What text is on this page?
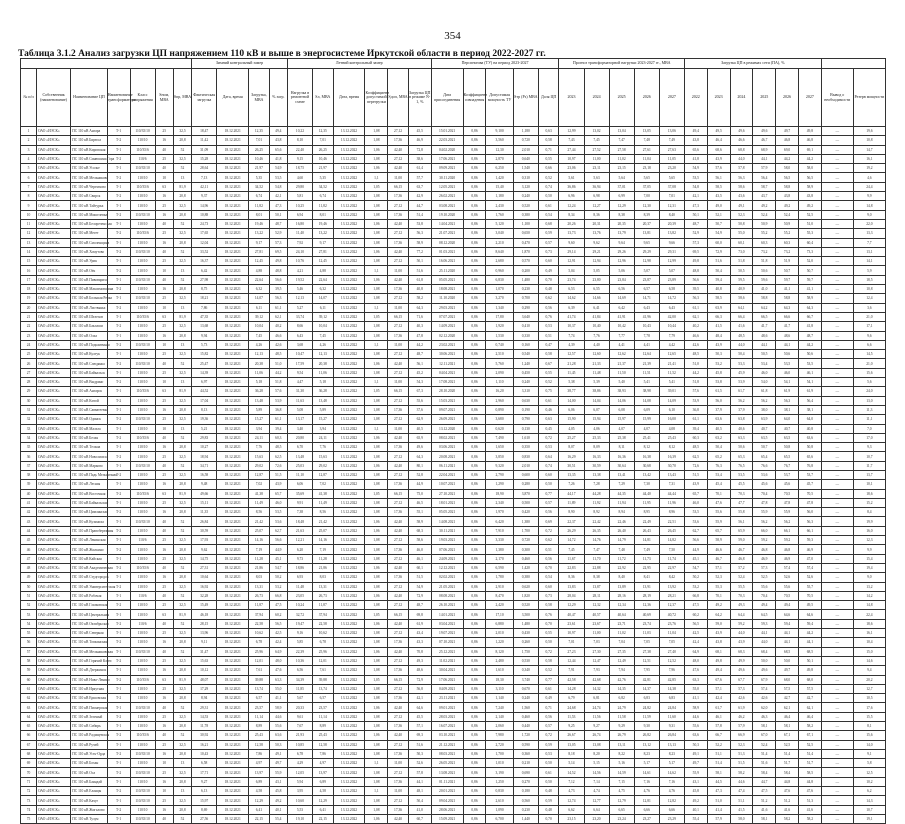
354
Таблица 3.1.2 Анализ загрузки ЦП напряжением 110 кВ и выше в энергосистеме Иркутской области в период 2022-2027 гг.
							Зимний контрольный замер				Летний контрольный замер						Перспектива (ТУ) на период 2023-2027					Прогноз трансформаторной нагрузки 2023-2027 гг., МВА					Загрузка ЦП в режимах сети (ПА), %							
№ п/п	Собственник (наименование)	Наименование ЦП	Наименование трансформатора	Класс напряжения	Sном, МВА	Sпр, МВА	Фактическая загрузка	Дата, время	Загрузка, МВА	% загр.	Нагрузка в ремонтной схеме	Sл, МВА	Дата, время	Коэффициент допустимой перегрузки	Sдоп, МВА	Загрузка ЦП в режиме N-1, %	Дата присоединения	Коэффициент совпадения	Допустимая мощность ТУ	Sтр (Ps) МВА	Доля ЦП	2023	2024	2025	2026	2027	2022	2023	2024	2025	2026	2027	Вывод о необходимости	Резерв мощности
1	ОАО «ИЭСК»	ПС 110 кВ Ангара	Т-1	110/35/10	25	32,5	18,47	18.12.2021	12,35	49,4	10,22	12,35	13.12.2022	1,08	27,12	45,5	15.01.2021	0,86	9,100	1,180	0,63	12,99	13,02	13,04	13,05	13,06	49,4	49,5	49,6	49,6	49,7	49,8	—	19,6
2	ОАО «ИЭСК»	ПС 110 кВ Бирюса	Т-2	110/10	16	20,8	11,42	18.12.2021	7,01	43,8	8,10	7,01	13.12.2022	1,08	17,36	46,9	22.03.2021	0,86	3,560	0,720	0,58	7,43	7,45	7,47	7,48	7,49	43,8	46,4	46,6	46,7	46,8	46,8	—	10,8
3	ОАО «ИЭСК»	ПС 110 кВ Кировская	Т-1	110/35/6	40	52	31,09	18.12.2021	26,25	65,6	22,40	26,25	13.12.2022	1,06	42,40	72,8	04.02.2020	0,86	12,30	2,010	0,71	27,44	27,52	27,58	27,61	27,63	65,6	68,6	68,8	68,9	69,0	69,1	—	14,7
4	ОАО «ИЭСК»	ПС 110 кВ Синюшина Гора	Т-2	110/6	25	32,5	15,28	18.12.2021	10,46	41,8	9,15	10,46	13.12.2022	1,08	27,12	38,6	17.06.2021	0,86	2,870	0,640	0,55	10,97	11,00	11,02	11,04	11,05	41,8	43,9	44,0	44,1	44,2	44,2	—	16,1
5	ОАО «ИЭСК»	ПС 110 кВ Усолье	Т-1	110/35/10	40	52	28,64	18.12.2021	21,97	54,9	18,75	21,97	13.12.2022	1,06	42,40	61,4	09.09.2021	0,86	6,250	1,540	0,66	23,06	23,11	23,15	23,18	23,20	54,9	57,6	57,8	57,9	58,0	58,0	—	19,2
6	ОАО «ИЭСК»	ПС 110 кВ Мельниково	Т-2	110/10	10	13	7,13	18.12.2021	5,35	53,5	4,60	5,35	13.12.2022	1,1	11,00	57,7	30.11.2020	0,86	1,420	0,310	0,52	5,61	5,63	5,64	5,65	5,65	53,5	56,1	56,3	56,4	56,5	56,5	—	4,6
7	ОАО «ИЭСК»	ПС 110 кВ Черемхово	Т-1	110/35/6	63	81,9	42,11	18.12.2021	34,52	54,8	29,80	34,52	13.12.2022	1,05	66,15	63,7	12.05.2021	0,86	15,40	3,120	0,74	36,86	36,94	37,01	37,05	37,08	54,8	58,5	58,6	58,7	58,8	58,9	—	24,4
8	ОАО «ИЭСК»	ПС 110 кВ Свирск	Т-2	110/10	16	20,8	9,37	18.12.2021	6,74	42,1	5,81	6,74	13.12.2022	1,08	17,36	42,9	26.02.2021	0,86	1,180	0,240	0,50	6,96	6,98	6,99	7,00	7,01	42,1	43,5	43,6	43,7	43,8	43,8	—	9,9
9	ОАО «ИЭСК»	ПС 110 кВ Тайтурка	Т-1	110/10	25	32,5	14,96	18.12.2021	11,82	47,3	10,25	11,82	13.12.2022	1,08	27,12	44,7	03.08.2021	0,86	2,430	0,520	0,61	12,24	12,27	12,29	12,30	12,31	47,3	49,0	49,1	49,2	49,2	49,2	—	14,8
10	ОАО «ИЭСК»	ПС 110 кВ Мишелевка	Т-2	110/35/10	16	20,8	10,88	18.12.2021	8,01	50,1	6,94	8,01	13.12.2022	1,08	17,36	51,4	19.10.2020	0,86	1,760	0,380	0,54	8,34	8,36	8,38	8,39	8,40	50,1	52,1	52,3	52,4	52,4	52,5	—	9,0
11	ОАО «ИЭСК»	ПС 110 кВ Белореченская	Т-1	110/10	40	52	24,73	18.12.2021	19,46	48,7	16,80	19,46	13.12.2022	1,06	42,40	53,8	14.04.2021	0,86	5,120	1,100	0,68	20,26	20,31	20,35	20,37	20,39	48,7	50,7	50,8	50,9	50,9	51,0	—	22,0
12	ОАО «ИЭСК»	ПС 110 кВ Мегет	Т-2	110/35/6	25	32,5	17,65	18.12.2021	13,22	52,9	11,40	13,22	13.12.2022	1,08	27,12	56,3	21.07.2021	0,86	3,040	0,650	0,59	13,73	13,76	13,79	13,81	13,82	52,9	54,9	55,0	55,2	55,2	55,3	—	13,3
13	ОАО «ИЭСК»	ПС 110 кВ Смоленщина	Т-1	110/10	16	20,8	12,04	18.12.2021	9,17	57,3	7,92	9,17	13.12.2022	1,08	17,36	58,9	08.12.2020	0,86	2,210	0,470	0,57	9,60	9,62	9,64	9,65	9,66	57,3	60,0	60,1	60,3	60,3	60,4	—	7,7
14	ОАО «ИЭСК»	ПС 110 кВ Хомутово	Т-2	110/35/10	40	52	33,52	18.12.2021	27,81	69,5	24,10	27,81	13.12.2022	1,06	42,40	77,2	01.03.2021	0,86	8,640	1,870	0,73	29,14	29,21	29,26	29,29	29,31	69,5	72,9	73,0	73,2	73,2	73,3	—	13,1
15	ОАО «ИЭСК»	ПС 110 кВ Урик	Т-1	110/10	25	32,5	16,37	18.12.2021	12,45	49,8	10,76	12,45	13.12.2022	1,08	27,12	50,1	16.06.2021	0,86	2,680	0,570	0,60	12,91	12,94	12,96	12,98	12,99	49,8	51,6	51,8	51,8	51,9	52,0	—	14,1
16	ОАО «ИЭСК»	ПС 110 кВ Оёк	Т-2	110/10	10	13	6,42	18.12.2021	4,88	48,8	4,21	4,88	13.12.2022	1,1	11,00	51,6	25.11.2020	0,86	0,960	0,200	0,49	5,04	5,05	5,06	5,07	5,07	48,8	50,4	50,5	50,6	50,7	50,7	—	5,9
17	ОАО «ИЭСК»	ПС 110 кВ Пивовариха	Т-1	110/35/10	40	52	27,98	18.12.2021	22,64	56,6	19,52	22,64	13.12.2022	1,06	42,40	61,8	05.05.2021	0,86	6,830	1,480	0,70	23,74	23,80	23,84	23,87	23,89	56,6	59,4	59,5	59,6	59,7	59,7	—	18,5
18	ОАО «ИЭСК»	ПС 110 кВ Максимовщина	Т-2	110/10	16	20,8	8,75	18.12.2021	6,32	39,5	5,46	6,32	13.12.2022	1,08	17,36	40,8	18.08.2021	0,86	1,070	0,230	0,48	6,53	6,55	6,56	6,57	6,58	39,5	40,8	40,9	41,0	41,1	41,1	—	10,8
19	ОАО «ИЭСК»	ПС 110 кВ Большая Речка	Т-1	110/35/10	25	32,5	18,21	18.12.2021	14,07	56,3	12,13	14,07	13.12.2022	1,08	27,12	58,2	11.10.2020	0,86	3,270	0,700	0,62	14,62	14,66	14,69	14,71	14,72	56,3	58,5	58,6	58,8	58,8	58,9	—	12,4
20	ОАО «ИЭСК»	ПС 110 кВ Листвянка	Т-2	110/10	10	13	7,86	18.12.2021	6,11	61,1	5,27	6,11	13.12.2022	1,1	11,00	64,3	29.03.2021	0,86	1,340	0,290	0,56	6,39	6,41	6,42	6,43	6,43	61,1	63,9	64,1	64,2	64,3	64,3	—	3,6
21	ОАО «ИЭСК»	ПС 110 кВ Шелехов	Т-1	110/35/6	63	81,9	47,35	18.12.2021	39,12	62,1	33,74	39,12	13.12.2022	1,05	66,15	71,6	07.07.2021	0,86	17,80	3,640	0,76	41,74	41,84	41,91	41,96	42,00	62,1	66,3	66,4	66,5	66,6	66,7	—	21,0
22	ОАО «ИЭСК»	ПС 110 кВ Баклаши	Т-2	110/10	25	32,5	13,68	18.12.2021	10,04	40,2	8,66	10,04	13.12.2022	1,08	27,12	40,3	14.09.2021	0,86	1,920	0,410	0,53	10,37	10,40	10,42	10,43	10,44	40,2	41,5	41,6	41,7	41,7	41,8	—	17,1
23	ОАО «ИЭСК»	ПС 110 кВ Олха	Т-1	110/10	16	20,8	9,94	18.12.2021	7,45	46,6	6,43	7,45	13.12.2022	1,08	17,36	47,8	02.12.2020	0,86	1,530	0,330	0,51	7,74	7,76	7,77	7,78	7,79	46,6	48,4	48,5	48,6	48,6	48,7	—	9,6
24	ОАО «ИЭСК»	ПС 110 кВ Подкаменная	Т-2	110/35/10	10	13	5,73	18.12.2021	4,26	42,6	3,68	4,26	13.12.2022	1,1	11,00	44,2	23.02.2021	0,86	0,740	0,160	0,47	4,39	4,40	4,41	4,41	4,42	42,6	43,9	44,0	44,1	44,1	44,2	—	6,6
25	ОАО «ИЭСК»	ПС 110 кВ Култук	Т-1	110/10	25	32,5	15,82	18.12.2021	12,13	48,5	10,47	12,13	13.12.2022	1,08	27,12	48,7	30.06.2021	0,86	2,510	0,540	0,58	12,57	12,60	12,62	12,64	12,65	48,5	50,3	50,4	50,5	50,6	50,6	—	14,5
26	ОАО «ИЭСК»	ПС 110 кВ Слюдянка	Т-2	110/35/10	40	52	25,47	18.12.2021	20,38	51,0	17,59	20,38	13.12.2022	1,06	42,40	56,1	12.11.2021	0,86	5,760	1,240	0,67	21,28	21,33	21,37	21,39	21,41	51,0	53,2	53,3	53,4	53,5	53,5	—	21,0
27	ОАО «ИЭСК»	ПС 110 кВ Байкальск	Т-1	110/10	25	32,5	14,39	18.12.2021	11,06	44,2	9,54	11,06	13.12.2022	1,08	27,12	45,2	04.04.2021	0,86	2,090	0,450	0,55	11,45	11,48	11,50	11,51	11,52	44,2	45,8	45,9	46,0	46,0	46,1	—	15,6
28	ОАО «ИЭСК»	ПС 110 кВ Выдрино	Т-2	110/10	10	13	6,97	18.12.2021	5,18	51,8	4,47	5,18	13.12.2022	1,1	11,00	54,3	17.08.2021	0,86	1,110	0,240	0,52	5,38	5,39	5,40	5,41	5,41	51,8	53,8	53,9	54,0	54,1	54,1	—	5,6
29	ОАО «ИЭСК»	ПС 110 кВ Ангарск	Т-1	110/35/6	63	81,9	44,52	18.12.2021	36,28	57,6	31,30	36,28	13.12.2022	1,05	66,15	67,3	28.10.2020	0,86	16,20	3,310	0,75	38,77	38,86	38,93	38,98	39,01	57,6	61,5	61,7	61,8	61,9	61,9	—	24,0
30	ОАО «ИЭСК»	ПС 110 кВ Китой	Т-2	110/10	25	32,5	17,04	18.12.2021	13,48	53,9	11,63	13,48	13.12.2022	1,08	27,12	55,6	15.03.2021	0,86	2,960	0,630	0,61	14,00	14,04	14,06	14,08	14,09	53,9	56,0	56,2	56,2	56,3	56,4	—	13,0
31	ОАО «ИЭСК»	ПС 110 кВ Савватеевка	Т-1	110/10	16	20,8	8,13	18.12.2021	5,89	36,8	5,08	5,89	13.12.2022	1,08	17,36	37,6	09.07.2021	0,86	0,890	0,190	0,46	6,06	6,07	6,08	6,09	6,10	36,8	37,9	37,9	38,0	38,1	38,1	—	11,3
32	ОАО «ИЭСК»	ПС 110 кВ Одинск	Т-2	110/35/10	25	32,5	19,36	18.12.2021	15,27	61,1	13,17	15,27	13.12.2022	1,08	27,12	62,9	26.09.2021	0,86	3,680	0,790	0,63	15,90	15,94	15,97	15,99	16,00	61,1	63,6	63,8	63,9	64,0	64,0	—	11,1
33	ОАО «ИЭСК»	ПС 110 кВ Мальта	Т-1	110/10	10	13	5,21	18.12.2021	3,94	39,4	3,40	3,94	13.12.2022	1,1	11,00	40,5	13.12.2020	0,86	0,620	0,130	0,45	4,05	4,06	4,07	4,07	4,08	39,4	40,5	40,6	40,7	40,7	40,8	—	7,0
34	ОАО «ИЭСК»	ПС 110 кВ Белая	Т-2	110/35/6	40	52	29,83	18.12.2021	24,11	60,3	20,80	24,11	13.12.2022	1,06	42,40	65,9	08.02.2021	0,86	7,490	1,610	0,72	25,27	25,33	25,38	25,41	25,43	60,3	63,2	63,3	63,5	63,5	63,6	—	17,0
35	ОАО «ИЭСК»	ПС 110 кВ Тельма	Т-1	110/10	16	20,8	10,27	18.12.2021	7,76	48,5	6,70	7,76	13.12.2022	1,08	17,36	49,6	03.06.2021	0,86	1,650	0,350	0,53	8,07	8,09	8,11	8,12	8,12	48,5	50,4	50,6	50,7	50,8	50,8	—	9,3
36	ОАО «ИЭСК»	ПС 110 кВ Новолисиха	Т-2	110/10	25	32,5	18,94	18.12.2021	15,63	62,5	13,48	15,63	13.12.2022	1,08	27,12	64,3	20.08.2021	0,86	3,850	0,830	0,64	16,29	16,33	16,36	16,38	16,39	62,5	65,2	65,3	65,4	65,5	65,6	—	10,7
37	ОАО «ИЭСК»	ПС 110 кВ Марково	Т-1	110/35/10	40	52	34,71	18.12.2021	29,02	72,6	25,03	29,02	13.12.2022	1,06	42,40	80,1	06.11.2021	0,86	9,320	2,010	0,74	30,51	30,59	30,64	30,68	30,70	72,6	76,3	76,5	76,6	76,7	76,8	—	11,7
38	ОАО «ИЭСК»	ПС 110 кВ Падь Мельничная	Т-2	110/10	25	32,5	16,58	18.12.2021	12,87	51,5	11,10	12,87	13.12.2022	1,08	27,12	52,8	22.04.2021	0,86	2,790	0,600	0,60	13,35	13,38	13,41	13,42	13,43	51,5	53,4	53,5	53,6	53,7	53,7	—	13,7
39	ОАО «ИЭСК»	ПС 110 кВ Лесная	Т-1	110/10	16	20,8	9,48	18.12.2021	7,02	43,9	6,06	7,02	13.12.2022	1,08	17,36	44,9	10.07.2021	0,86	1,290	0,280	0,50	7,26	7,28	7,29	7,30	7,31	43,9	45,4	45,5	45,6	45,6	45,7	—	10,1
40	ОАО «ИЭСК»	ПС 110 кВ Восточная	Т-2	110/35/6	63	81,9	49,66	18.12.2021	41,38	65,7	35,69	41,38	13.12.2022	1,05	66,15	75,0	27.10.2021	0,86	18,90	3,870	0,77	44,17	44,28	44,35	44,40	44,44	65,7	70,1	70,3	70,4	70,5	70,5	—	18,6
41	ОАО «ИЭСК»	ПС 110 кВ Байкальская	Т-1	110/10	25	32,5	15,11	18.12.2021	11,49	46,0	9,91	11,49	13.12.2022	1,08	27,12	46,5	18.01.2021	0,86	2,340	0,500	0,57	11,89	11,92	11,94	11,95	11,96	46,0	47,6	47,7	47,8	47,8	47,8	—	15,2
42	ОАО «ИЭСК»	ПС 110 кВ Цимлянская	Т-2	110/10	16	20,8	11,35	18.12.2021	8,56	53,5	7,38	8,56	13.12.2022	1,08	17,36	55,1	05.05.2021	0,86	1,970	0,420	0,56	8,90	8,92	8,94	8,95	8,96	53,5	55,6	55,8	55,9	55,9	56,0	—	8,4
43	ОАО «ИЭСК»	ПС 110 кВ Кузьмиха	Т-1	110/35/10	40	52	26,84	18.12.2021	21,42	53,6	18,48	21,42	13.12.2022	1,06	42,40	58,9	14.08.2021	0,86	6,420	1,380	0,69	22,37	22,42	22,46	22,49	22,51	53,6	55,9	56,1	56,2	56,2	56,3	—	19,9
44	ОАО «ИЭСК»	ПС 110 кВ Правобережная	Т-2	110/10	40	52	30,59	18.12.2021	25,07	62,7	21,63	25,07	13.12.2022	1,06	42,40	68,3	30.11.2021	0,86	7,910	1,700	0,72	26,29	26,35	26,40	26,43	26,45	62,7	65,7	65,9	66,0	66,1	66,1	—	16,0
45	ОАО «ИЭСК»	ПС 110 кВ Ленинская	Т-1	110/6	25	32,5	17,93	18.12.2021	14,16	56,6	12,21	14,16	13.12.2022	1,08	27,12	58,6	19.03.2021	0,86	3,330	0,720	0,62	14,72	14,76	14,79	14,81	14,82	56,6	58,9	59,0	59,2	59,2	59,3	—	12,3
46	ОАО «ИЭСК»	ПС 110 кВ Жилкино	Т-2	110/10	16	20,8	9,62	18.12.2021	7,19	44,9	6,20	7,19	13.12.2022	1,08	17,36	46,0	07.06.2021	0,86	1,380	0,300	0,51	7,45	7,47	7,48	7,49	7,50	44,9	46,6	46,7	46,8	46,8	46,9	—	9,9
47	ОАО «ИЭСК»	ПС 110 кВ Кайская	Т-1	110/10	25	32,5	14,75	18.12.2021	11,28	45,1	9,73	11,28	13.12.2022	1,08	27,12	46,1	24.09.2021	0,86	2,170	0,460	0,56	11,67	11,70	11,72	11,73	11,74	45,1	46,7	46,8	46,9	46,9	47,0	—	15,4
48	ОАО «ИЭСК»	ПС 110 кВ Академическая	Т-2	110/35/6	40	52	27,31	18.12.2021	21,86	54,7	18,86	21,86	13.12.2022	1,06	42,40	60,1	12.12.2021	0,86	6,590	1,420	0,70	22,83	22,88	22,92	22,95	22,97	54,7	57,1	57,2	57,3	57,4	57,4	—	19,4
49	ОАО «ИЭСК»	ПС 110 кВ Студгородок	Т-1	110/10	16	20,8	10,64	18.12.2021	8,03	50,2	6,93	8,03	13.12.2022	1,08	17,36	51,5	02.02.2021	0,86	1,780	0,380	0,54	8,36	8,38	8,40	8,41	8,42	50,2	52,3	52,4	52,5	52,6	52,6	—	9,0
50	ОАО «ИЭСК»	ПС 110 кВ Университетская	Т-2	110/10	25	32,5	16,92	18.12.2021	13,31	53,2	11,48	13,31	13.12.2022	1,08	27,12	54,9	21.05.2021	0,86	2,910	0,620	0,60	13,83	13,87	13,89	13,91	13,92	53,2	55,3	55,5	55,6	55,6	55,7	—	13,2
51	ОАО «ИЭСК»	ПС 110 кВ Рабочая	Т-1	110/6	40	52	32,28	18.12.2021	26,73	66,8	23,05	26,73	13.12.2022	1,06	42,40	72,9	08.08.2021	0,86	8,470	1,820	0,73	28,04	28,11	28,16	28,19	28,21	66,8	70,1	70,3	70,4	70,5	70,5	—	14,2
52	ОАО «ИЭСК»	ПС 110 кВ Глазковская	Т-2	110/10	25	32,5	15,49	18.12.2021	11,87	47,5	10,24	11,87	13.12.2022	1,08	27,12	48,7	26.10.2021	0,86	2,420	0,520	0,58	12,29	12,32	12,34	12,36	12,37	47,5	49,2	49,3	49,4	49,4	49,5	—	14,8
53	ОАО «ИЭСК»	ПС 110 кВ Центральная	Т-1	110/10	63	81,9	46,18	18.12.2021	37,94	60,2	32,72	37,94	13.12.2022	1,05	66,15	69,8	14.01.2021	0,86	17,10	3,500	0,76	40,47	40,57	40,64	40,69	40,72	60,2	64,2	64,4	64,5	64,6	64,6	—	22,4
54	ОАО «ИЭСК»	ПС 110 кВ Октябрьская	Т-2	110/6	40	52	28,15	18.12.2021	22,58	56,5	19,47	22,58	13.12.2022	1,06	42,40	61,9	03.04.2021	0,86	6,880	1,480	0,70	23,61	23,67	23,71	23,74	23,76	56,5	59,0	59,2	59,3	59,4	59,4	—	18,6
55	ОАО «ИЭСК»	ПС 110 кВ Северная	Т-1	110/10	25	32,5	13,96	18.12.2021	10,62	42,5	9,16	10,62	13.12.2022	1,08	27,12	43,4	19.07.2021	0,86	2,010	0,430	0,55	10,97	11,00	11,02	11,03	11,04	42,5	43,9	44,0	44,1	44,1	44,2	—	16,1
56	ОАО «ИЭСК»	ПС 110 кВ Топкинская	Т-2	110/10	16	20,8	9,11	18.12.2021	6,78	42,4	5,85	6,78	13.12.2022	1,08	17,36	43,3	07.10.2021	0,86	1,220	0,260	0,50	7,01	7,03	7,04	7,05	7,05	42,4	43,8	43,9	44,0	44,1	44,1	—	10,4
57	ОАО «ИЭСК»	ПС 110 кВ Мельниковская	Т-1	110/35/10	40	52	31,47	18.12.2021	25,96	64,9	22,39	25,96	13.12.2022	1,06	42,40	70,8	25.12.2021	0,86	8,120	1,750	0,72	27,23	27,30	27,35	27,38	27,40	64,9	68,1	68,3	68,4	68,5	68,5	—	15,0
58	ОАО «ИЭСК»	ПС 110 кВ Горячий Ключ	Т-2	110/10	25	32,5	15,63	18.12.2021	12,01	48,0	10,36	12,01	13.12.2022	1,08	27,12	49,3	11.02.2021	0,86	2,480	0,530	0,58	12,44	12,47	12,49	12,51	12,52	48,0	49,8	49,9	50,0	50,0	50,1	—	14,6
59	ОАО «ИЭСК»	ПС 110 кВ Дзержинск	Т-1	110/10	16	20,8	10,12	18.12.2021	7,61	47,6	6,56	7,61	13.12.2022	1,08	17,36	48,6	30.04.2021	0,86	1,610	0,340	0,52	7,91	7,93	7,94	7,95	7,96	47,6	49,4	49,6	49,6	49,7	49,8	—	9,4
60	ОАО «ИЭСК»	ПС 110 кВ Ново-Ленино	Т-2	110/35/6	63	81,9	48,07	18.12.2021	39,88	63,3	34,39	39,88	13.12.2022	1,05	66,15	72,9	17.06.2021	0,86	18,30	3,740	0,77	42,58	42,68	42,76	42,81	42,85	63,3	67,6	67,7	67,9	68,0	68,0	—	20,2
61	ОАО «ИЭСК»	ПС 110 кВ Иркутная	Т-1	110/10	25	32,5	17,29	18.12.2021	13,74	55,0	11,85	13,74	13.12.2022	1,08	27,12	56,8	04.09.2021	0,86	3,110	0,670	0,61	14,28	14,32	14,35	14,37	14,38	55,0	57,1	57,3	57,4	57,5	57,5	—	12,7
62	ОАО «ИЭСК»	ПС 110 кВ Ершовская	Т-2	110/10	16	20,8	8,94	18.12.2021	6,57	41,1	5,67	6,57	13.12.2022	1,08	17,36	42,1	23.11.2021	0,86	1,140	0,240	0,49	6,79	6,81	6,82	6,83	6,83	41,1	42,4	42,6	42,6	42,7	42,7	—	10,5
63	ОАО «ИЭСК»	ПС 110 кВ Пионерская	Т-1	110/35/10	40	52	29,31	18.12.2021	23,57	58,9	20,33	23,57	13.12.2022	1,06	42,40	64,6	09.01.2021	0,86	7,240	1,560	0,71	24,68	24,74	24,79	24,82	24,84	58,9	61,7	61,9	62,0	62,1	62,1	—	17,6
64	ОАО «ИЭСК»	ПС 110 кВ Зеленый	Т-2	110/10	25	32,5	14,53	18.12.2021	11,14	44,6	9,61	11,14	13.12.2022	1,08	27,12	45,5	28.03.2021	0,86	2,140	0,460	0,56	11,53	11,56	11,58	11,59	11,60	44,6	46,1	46,2	46,3	46,4	46,4	—	15,5
65	ОАО «ИЭСК»	ПС 110 кВ Сибирь	Т-1	110/10	16	20,8	11,78	18.12.2021	8,89	55,6	7,67	8,89	13.12.2022	1,08	17,36	57,1	16.07.2021	0,86	2,060	0,440	0,57	9,25	9,27	9,29	9,30	9,31	55,6	57,8	57,9	58,1	58,1	58,2	—	8,1
66	ОАО «ИЭСК»	ПС 110 кВ Радищевская	Т-2	110/35/6	40	52	30,92	18.12.2021	25,43	63,6	21,93	25,43	13.12.2022	1,06	42,40	69,3	03.10.2021	0,86	7,980	1,720	0,72	26,67	26,74	26,79	26,82	26,84	63,6	66,7	66,9	67,0	67,1	67,1	—	15,6
67	ОАО «ИЭСК»	ПС 110 кВ Ручей	Т-1	110/10	25	32,5	16,21	18.12.2021	12,58	50,3	10,85	12,58	13.12.2022	1,08	27,12	51,6	21.12.2021	0,86	2,720	0,590	0,59	13,05	13,08	13,11	13,12	13,13	50,3	52,2	52,3	52,4	52,5	52,5	—	14,0
68	ОАО «ИЭСК»	ПС 110 кВ Усть-Орда	Т-2	110/35/10	16	20,8	10,43	18.12.2021	7,86	49,1	6,78	7,86	13.12.2022	1,08	17,36	50,3	08.03.2021	0,86	1,700	0,360	0,53	8,18	8,20	8,22	8,23	8,23	49,1	51,1	51,3	51,4	51,4	51,4	—	9,1
69	ОАО «ИЭСК»	ПС 110 кВ Бохан	Т-1	110/10	10	13	6,58	18.12.2021	4,97	49,7	4,29	4,97	13.12.2022	1,1	11,00	52,6	26.05.2021	0,86	1,010	0,210	0,50	5,14	5,15	5,16	5,17	5,17	49,7	51,4	51,5	51,6	51,7	51,7	—	5,8
70	ОАО «ИЭСК»	ПС 110 кВ Оса	Т-2	110/35/10	25	32,5	17,71	18.12.2021	13,97	55,9	12,05	13,97	13.12.2022	1,08	27,12	57,8	13.08.2021	0,86	3,190	0,690	0,61	14,52	14,56	14,59	14,61	14,62	55,9	58,1	58,2	58,4	58,4	58,5	—	12,5
71	ОАО «ИЭСК»	ПС 110 кВ Баяндай	Т-1	110/10	16	20,8	9,27	18.12.2021	6,89	43,1	5,94	6,89	13.12.2022	1,08	17,36	44,1	01.11.2021	0,86	1,250	0,270	0,50	7,12	7,14	7,15	7,16	7,16	43,1	44,5	44,6	44,7	44,8	44,8	—	10,2
72	ОАО «ИЭСК»	ПС 110 кВ Еланцы	Т-2	110/35/10	10	13	6,13	18.12.2021	4,58	45,8	3,95	4,58	13.12.2022	1,1	11,00	48,1	20.01.2021	0,86	0,830	0,180	0,48	4,73	4,74	4,75	4,76	4,76	45,8	47,3	47,4	47,5	47,6	47,6	—	6,2
73	ОАО «ИЭСК»	ПС 110 кВ Качуг	Т-1	110/35/10	25	32,5	15,97	18.12.2021	12,29	49,2	10,60	12,29	13.12.2022	1,08	27,12	50,4	09.04.2021	0,86	2,610	0,560	0,59	12,74	12,77	12,79	12,81	12,82	49,2	51,0	51,1	51,2	51,2	51,3	—	14,3
74	ОАО «ИЭСК»	ПС 110 кВ Жигалово	Т-2	110/10	16	20,8	8,69	18.12.2021	6,41	40,1	5,53	6,41	13.12.2022	1,08	17,36	41,0	28.06.2021	0,86	1,090	0,230	0,48	6,62	6,64	6,65	6,66	6,66	40,1	41,4	41,5	41,6	41,6	41,6	—	10,7
75	ОАО «ИЭСК»	ПС 110 кВ Тулун	Т-1	110/35/10	40	52	27,56	18.12.2021	22,15	55,4	19,10	22,15	13.12.2022	1,06	42,40	60,7	15.09.2021	0,86	6,700	1,440	0,70	23,15	23,20	23,24	23,27	23,29	55,4	57,9	58,0	58,1	58,2	58,2	—	19,1
